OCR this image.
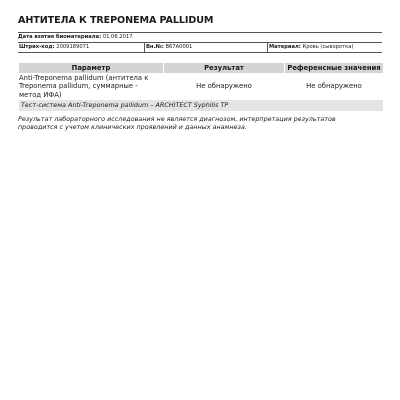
АНТИТЕЛА К TREPONEMA PALLIDUM
Дата взятия биоматериала: 01.06.2017
Штрих-код: 2009189071	Вн.№: B67A0001	Материал: Кровь (сыворотка)
Параметр	Результат	Референсные значения
Anti-Treponema pallidum (антитела к Treponema pallidum, суммарные - метод ИФА)	Не обнаружено	Не обнаружено
Тест-система Anti-Treponema pallidum – ARCHITECT Syphilis TP		
Результат лабораторного исследования не является диагнозом, интерпретация результатов проводится с учетом клинических проявлений и данных анамнеза.
